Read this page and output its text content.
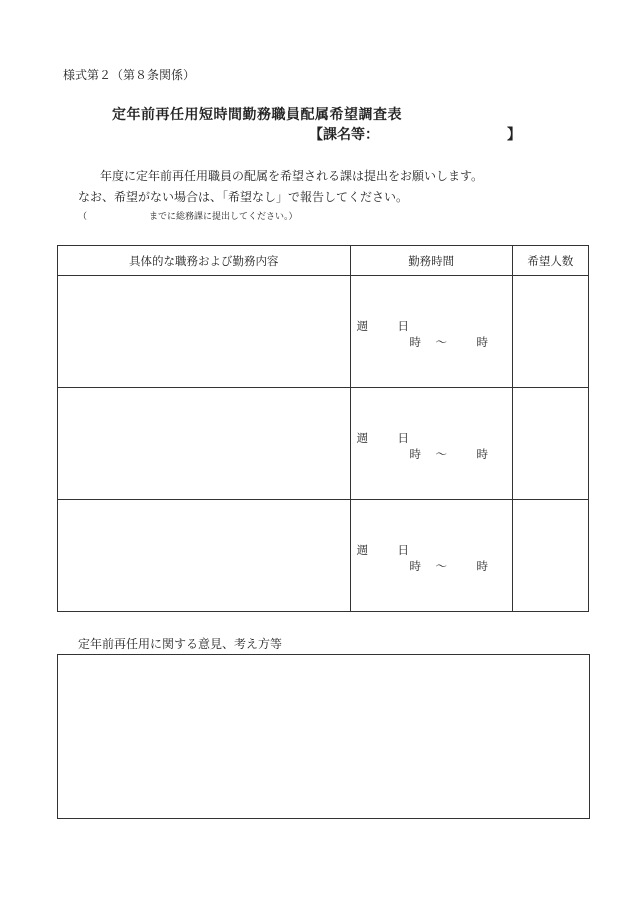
様式第２（第８条関係）
定年前再任用短時間勤務職員配属希望調査表
【課名等：	】
年度に定年前再任用職員の配属を希望される課は提出をお願いします。
なお、希望がない場合は、「希望なし」で報告してください。
（	までに総務課に提出してください。）
具体的な職務および勤務内容	勤務時間	希望人数

	週 日
時 ～ 時	

	週 日
時 ～ 時	

	週 日
時 ～ 時	

定年前再任用に関する意見、考え方等
